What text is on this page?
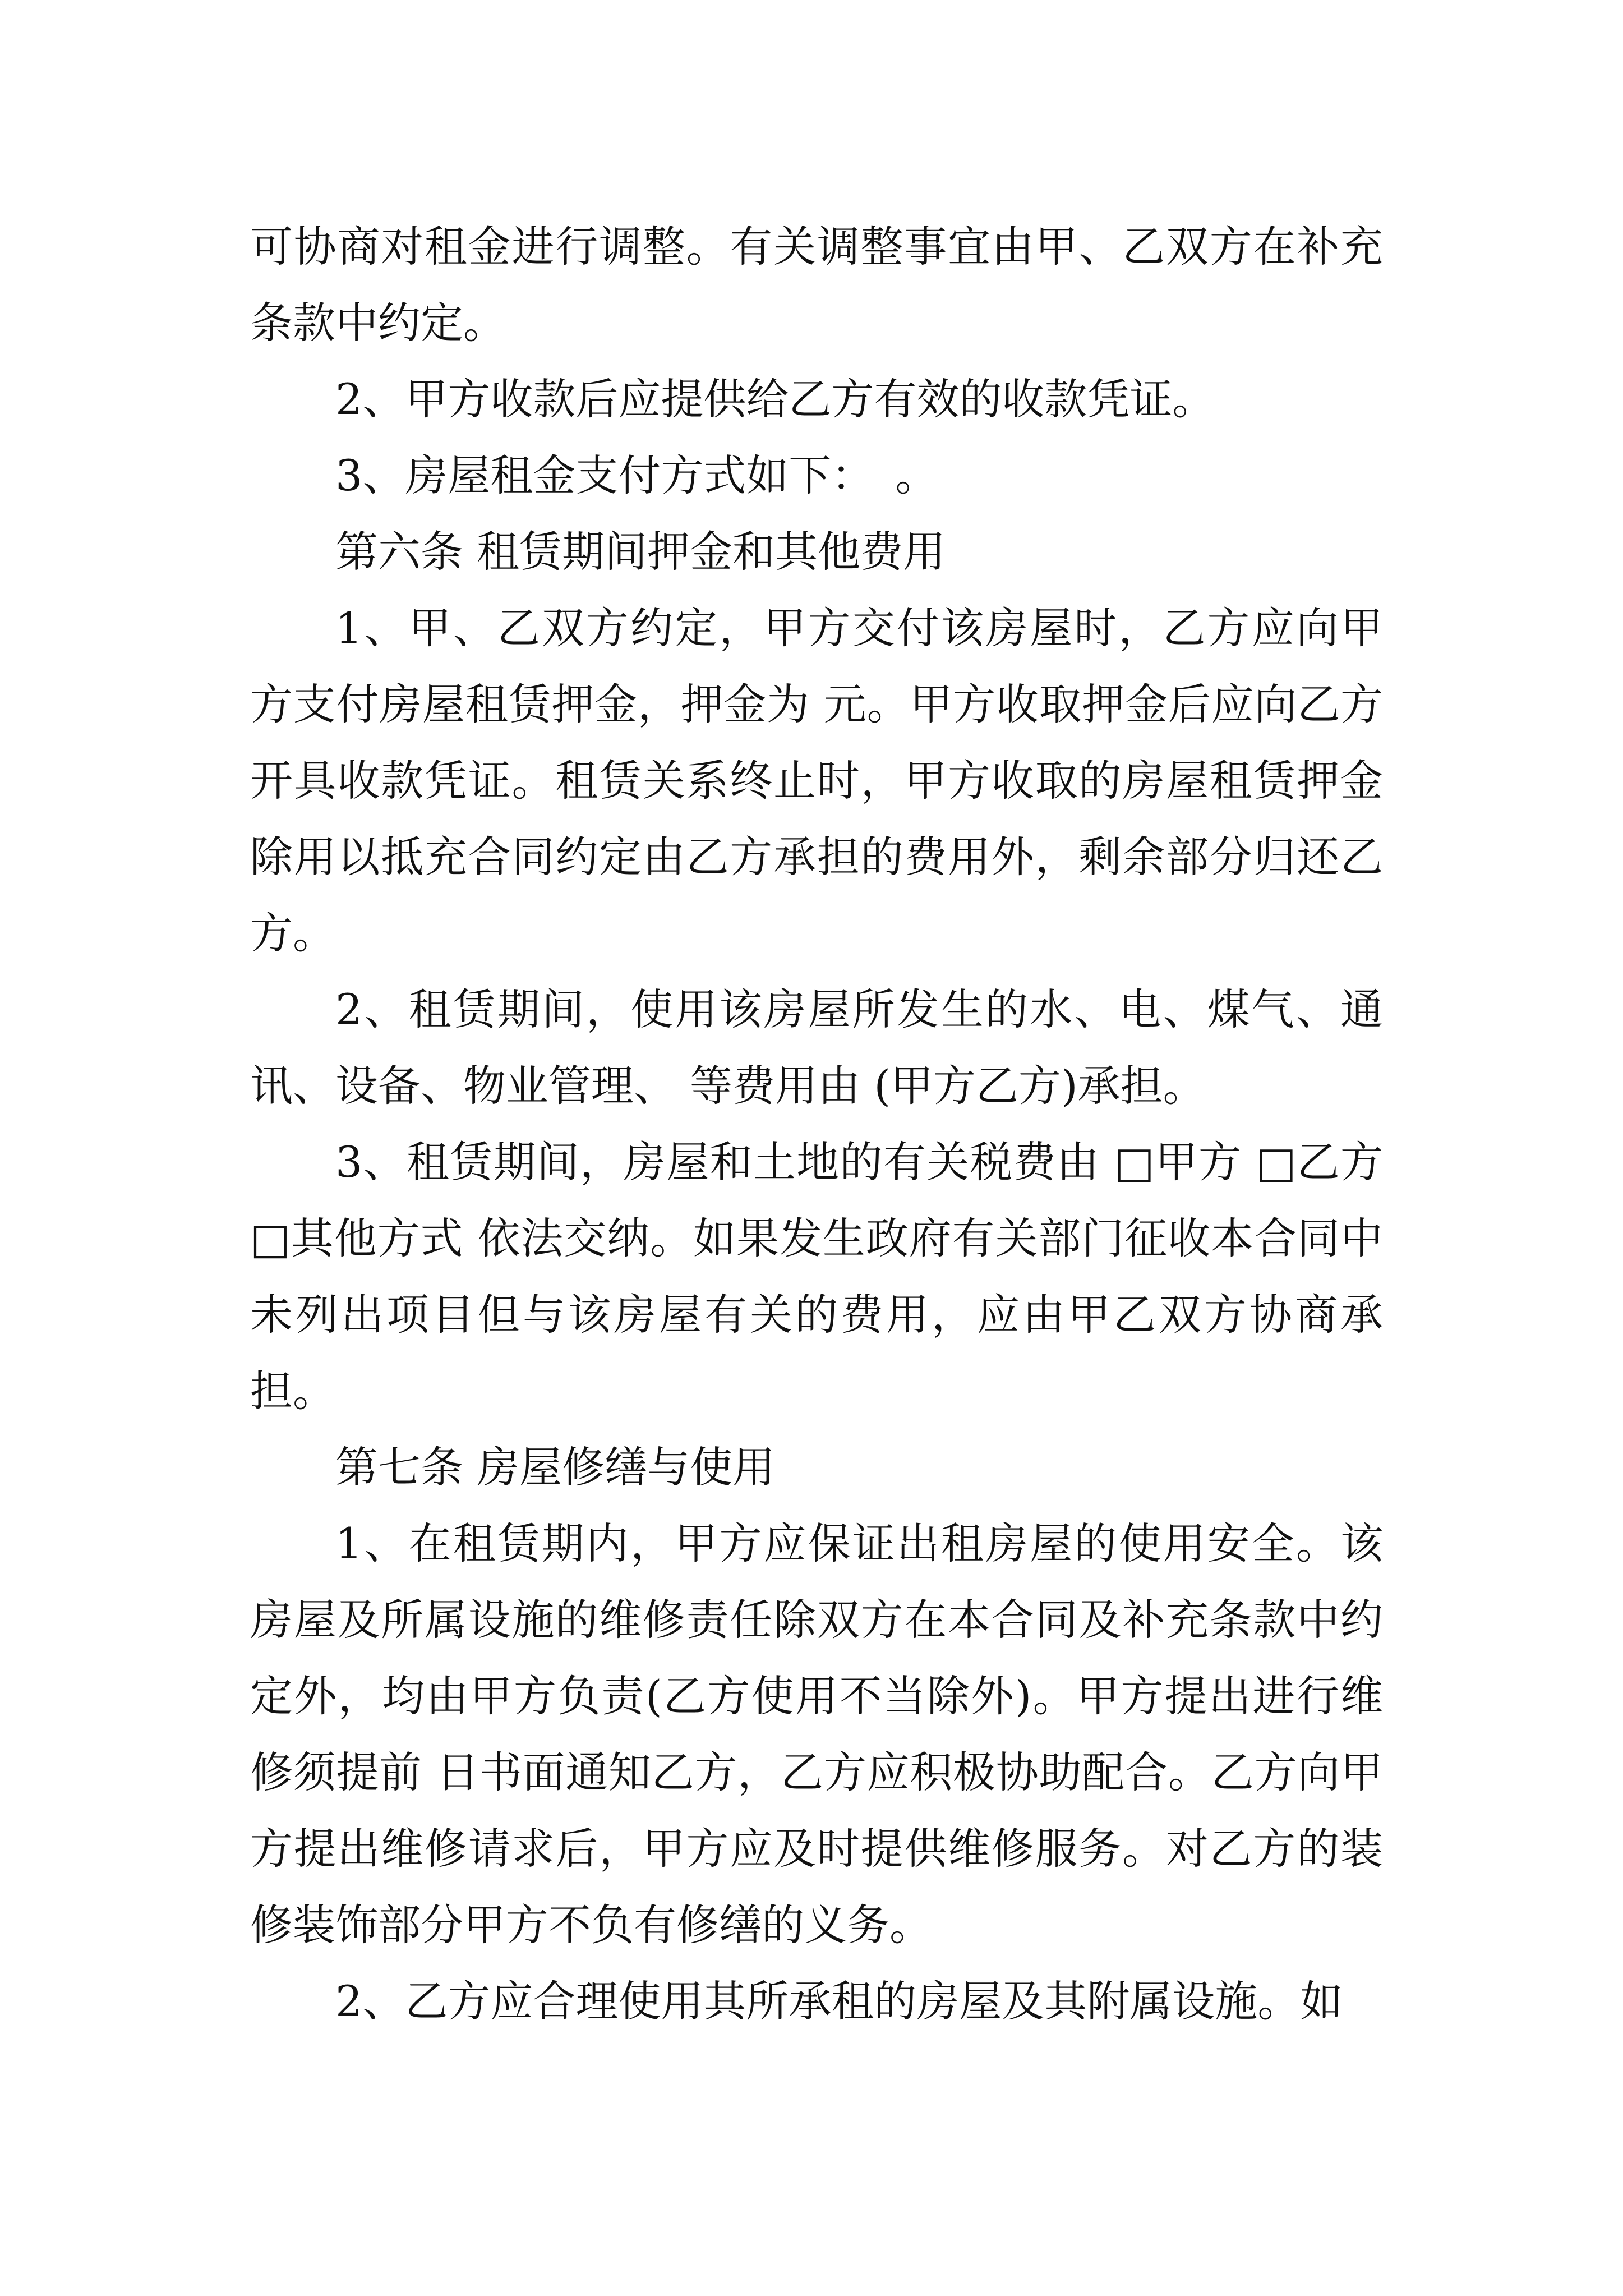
可协商对租金进行调整。有关调整事宜由甲、乙双方在补充条款中约定。

2、甲方收款后应提供给乙方有效的收款凭证。

3、房屋租金支付方式如下：　。

第六条 租赁期间押金和其他费用

1、甲、乙双方约定，甲方交付该房屋时，乙方应向甲方支付房屋租赁押金，押金为 元。甲方收取押金后应向乙方开具收款凭证。租赁关系终止时，甲方收取的房屋租赁押金除用以抵充合同约定由乙方承担的费用外，剩余部分归还乙方。

2、租赁期间，使用该房屋所发生的水、电、煤气、通讯、设备、物业管理、 等费用由 (甲方乙方)承担。

3、租赁期间，房屋和土地的有关税费由 □甲方 □乙方 □其他方式 依法交纳。如果发生政府有关部门征收本合同中未列出项目但与该房屋有关的费用，应由甲乙双方协商承担。

第七条 房屋修缮与使用

1、在租赁期内，甲方应保证出租房屋的使用安全。该房屋及所属设施的维修责任除双方在本合同及补充条款中约定外，均由甲方负责(乙方使用不当除外)。甲方提出进行维修须提前 日书面通知乙方，乙方应积极协助配合。乙方向甲方提出维修请求后，甲方应及时提供维修服务。对乙方的装修装饰部分甲方不负有修缮的义务。

2、乙方应合理使用其所承租的房屋及其附属设施。如
